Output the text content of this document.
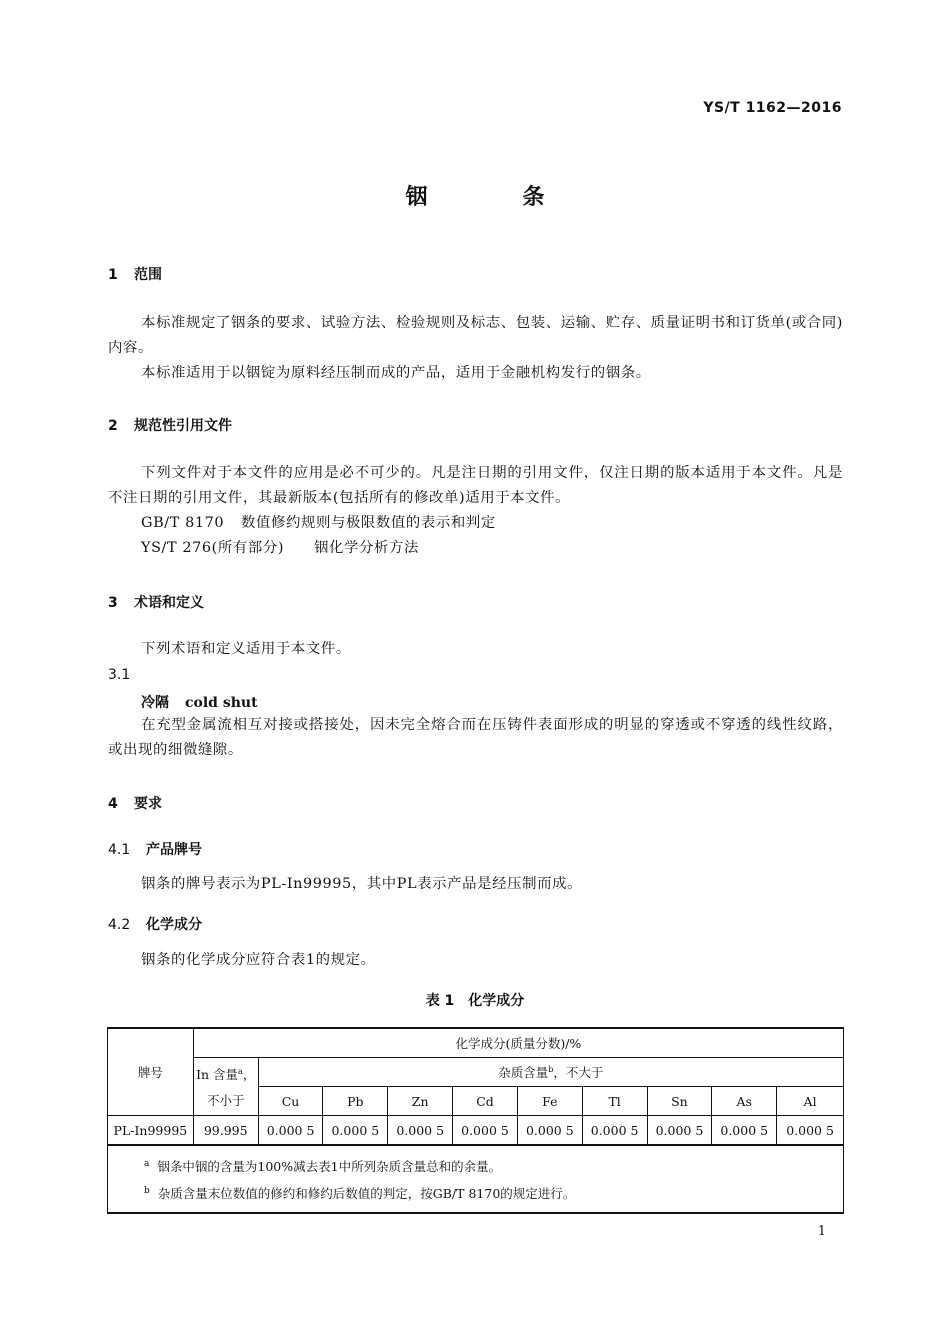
YS/T 1162—2016
铟	条
1 范围
本标准规定了铟条的要求、试验方法、检验规则及标志、包装、运输、贮存、质量证明书和订货单(或合同)内容。
本标准适用于以铟锭为原料经压制而成的产品，适用于金融机构发行的铟条。
2 规范性引用文件
下列文件对于本文件的应用是必不可少的。凡是注日期的引用文件，仅注日期的版本适用于本文件。凡是不注日期的引用文件，其最新版本(包括所有的修改单)适用于本文件。
GB/T 8170 数值修约规则与极限数值的表示和判定
YS/T 276(所有部分) 铟化学分析方法
3 术语和定义
下列术语和定义适用于本文件。
3.1
冷隔 cold shut
在充型金属流相互对接或搭接处，因未完全熔合而在压铸件表面形成的明显的穿透或不穿透的线性纹路，或出现的细微缝隙。
4 要求
4.1 产品牌号
铟条的牌号表示为PL-In99995，其中PL表示产品是经压制而成。
4.2 化学成分
铟条的化学成分应符合表1的规定。
表 1　化学成分
牌号	化学成分(质量分数)/%									
	In 含量$^a$，不小于	杂质含量$^b$，不大于								
		Cu	Pb	Zn	Cd	Fe	Tl	Sn	As	Al
PL-In99995	99.995	0.000 5	0.000 5	0.000 5	0.000 5	0.000 5	0.000 5	0.000 5	0.000 5	0.000 5

$^a$ 铟条中铟的含量为100%减去表1中所列杂质含量总和的余量。
$^b$ 杂质含量末位数值的修约和修约后数值的判定，按GB/T 8170的规定进行。										
1
